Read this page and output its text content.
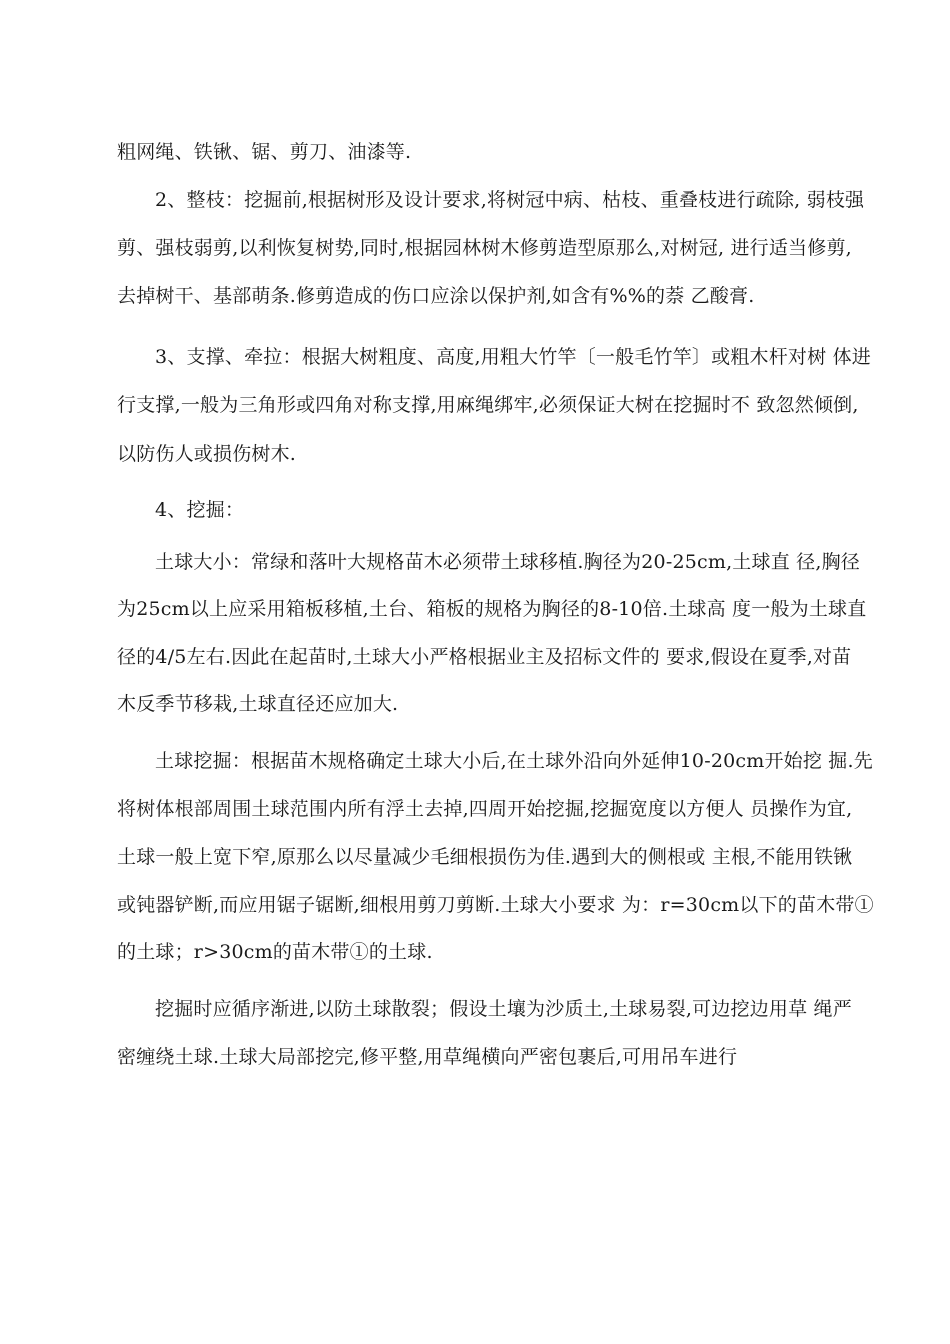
粗网绳、铁锹、锯、剪刀、油漆等.
2、整枝：挖掘前,根据树形及设计要求,将树冠中病、枯枝、重叠枝进行疏除, 弱枝强
剪、强枝弱剪,以利恢复树势,同时,根据园林树木修剪造型原那么,对树冠, 进行适当修剪,
去掉树干、基部萌条.修剪造成的伤口应涂以保护剂,如含有%%的萘 乙酸膏.
3、支撑、牵拉：根据大树粗度、高度,用粗大竹竿〔一般毛竹竿〕或粗木杆对树 体进
行支撑,一般为三角形或四角对称支撑,用麻绳绑牢,必须保证大树在挖掘时不 致忽然倾倒,
以防伤人或损伤树木.
4、挖掘：
土球大小：常绿和落叶大规格苗木必须带土球移植.胸径为20-25cm,土球直 径,胸径
为25cm以上应采用箱板移植,土台、箱板的规格为胸径的8-10倍.土球高 度一般为土球直
径的4/5左右.因此在起苗时,土球大小严格根据业主及招标文件的 要求,假设在夏季,对苗
木反季节移栽,土球直径还应加大.
土球挖掘：根据苗木规格确定土球大小后,在土球外沿向外延伸10-20cm开始挖 掘.先
将树体根部周围土球范围内所有浮土去掉,四周开始挖掘,挖掘宽度以方便人 员操作为宜,
土球一般上宽下窄,原那么以尽量减少毛细根损伤为佳.遇到大的侧根或 主根,不能用铁锹
或钝器铲断,而应用锯子锯断,细根用剪刀剪断.土球大小要求 为：r=30cm以下的苗木带①
的土球；r>30cm的苗木带①的土球.
挖掘时应循序渐进,以防土球散裂；假设土壤为沙质土,土球易裂,可边挖边用草 绳严
密缠绕土球.土球大局部挖完,修平整,用草绳横向严密包裹后,可用吊车进行
